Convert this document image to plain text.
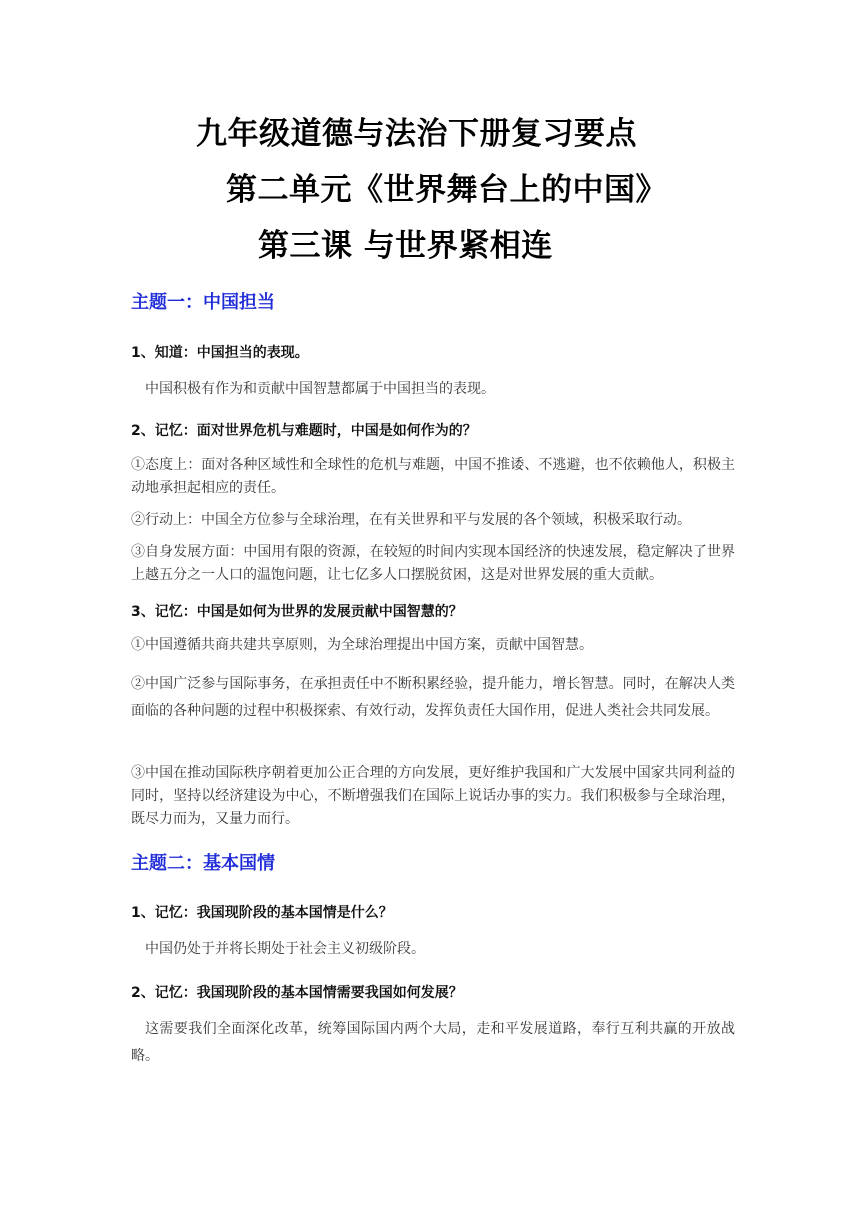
九年级道德与法治下册复习要点
第二单元《世界舞台上的中国》
第三课 与世界紧相连
主题一：中国担当
1、知道：中国担当的表现。
中国积极有作为和贡献中国智慧都属于中国担当的表现。
2、记忆：面对世界危机与难题时，中国是如何作为的？
①态度上：面对各种区域性和全球性的危机与难题，中国不推诿、不逃避，也不依赖他人，积极主动地承担起相应的责任。
②行动上：中国全方位参与全球治理，在有关世界和平与发展的各个领域，积极采取行动。
③自身发展方面：中国用有限的资源，在较短的时间内实现本国经济的快速发展，稳定解决了世界上越五分之一人口的温饱问题，让七亿多人口摆脱贫困，这是对世界发展的重大贡献。
3、记忆：中国是如何为世界的发展贡献中国智慧的？
①中国遵循共商共建共享原则，为全球治理提出中国方案，贡献中国智慧。
②中国广泛参与国际事务，在承担责任中不断积累经验，提升能力，增长智慧。同时，在解决人类面临的各种问题的过程中积极探索、有效行动，发挥负责任大国作用，促进人类社会共同发展。
③中国在推动国际秩序朝着更加公正合理的方向发展，更好维护我国和广大发展中国家共同利益的同时，坚持以经济建设为中心，不断增强我们在国际上说话办事的实力。我们积极参与全球治理，既尽力而为，又量力而行。
主题二：基本国情
1、记忆：我国现阶段的基本国情是什么？
中国仍处于并将长期处于社会主义初级阶段。
2、记忆：我国现阶段的基本国情需要我国如何发展？
这需要我们全面深化改革，统筹国际国内两个大局，走和平发展道路，奉行互利共赢的开放战略。
